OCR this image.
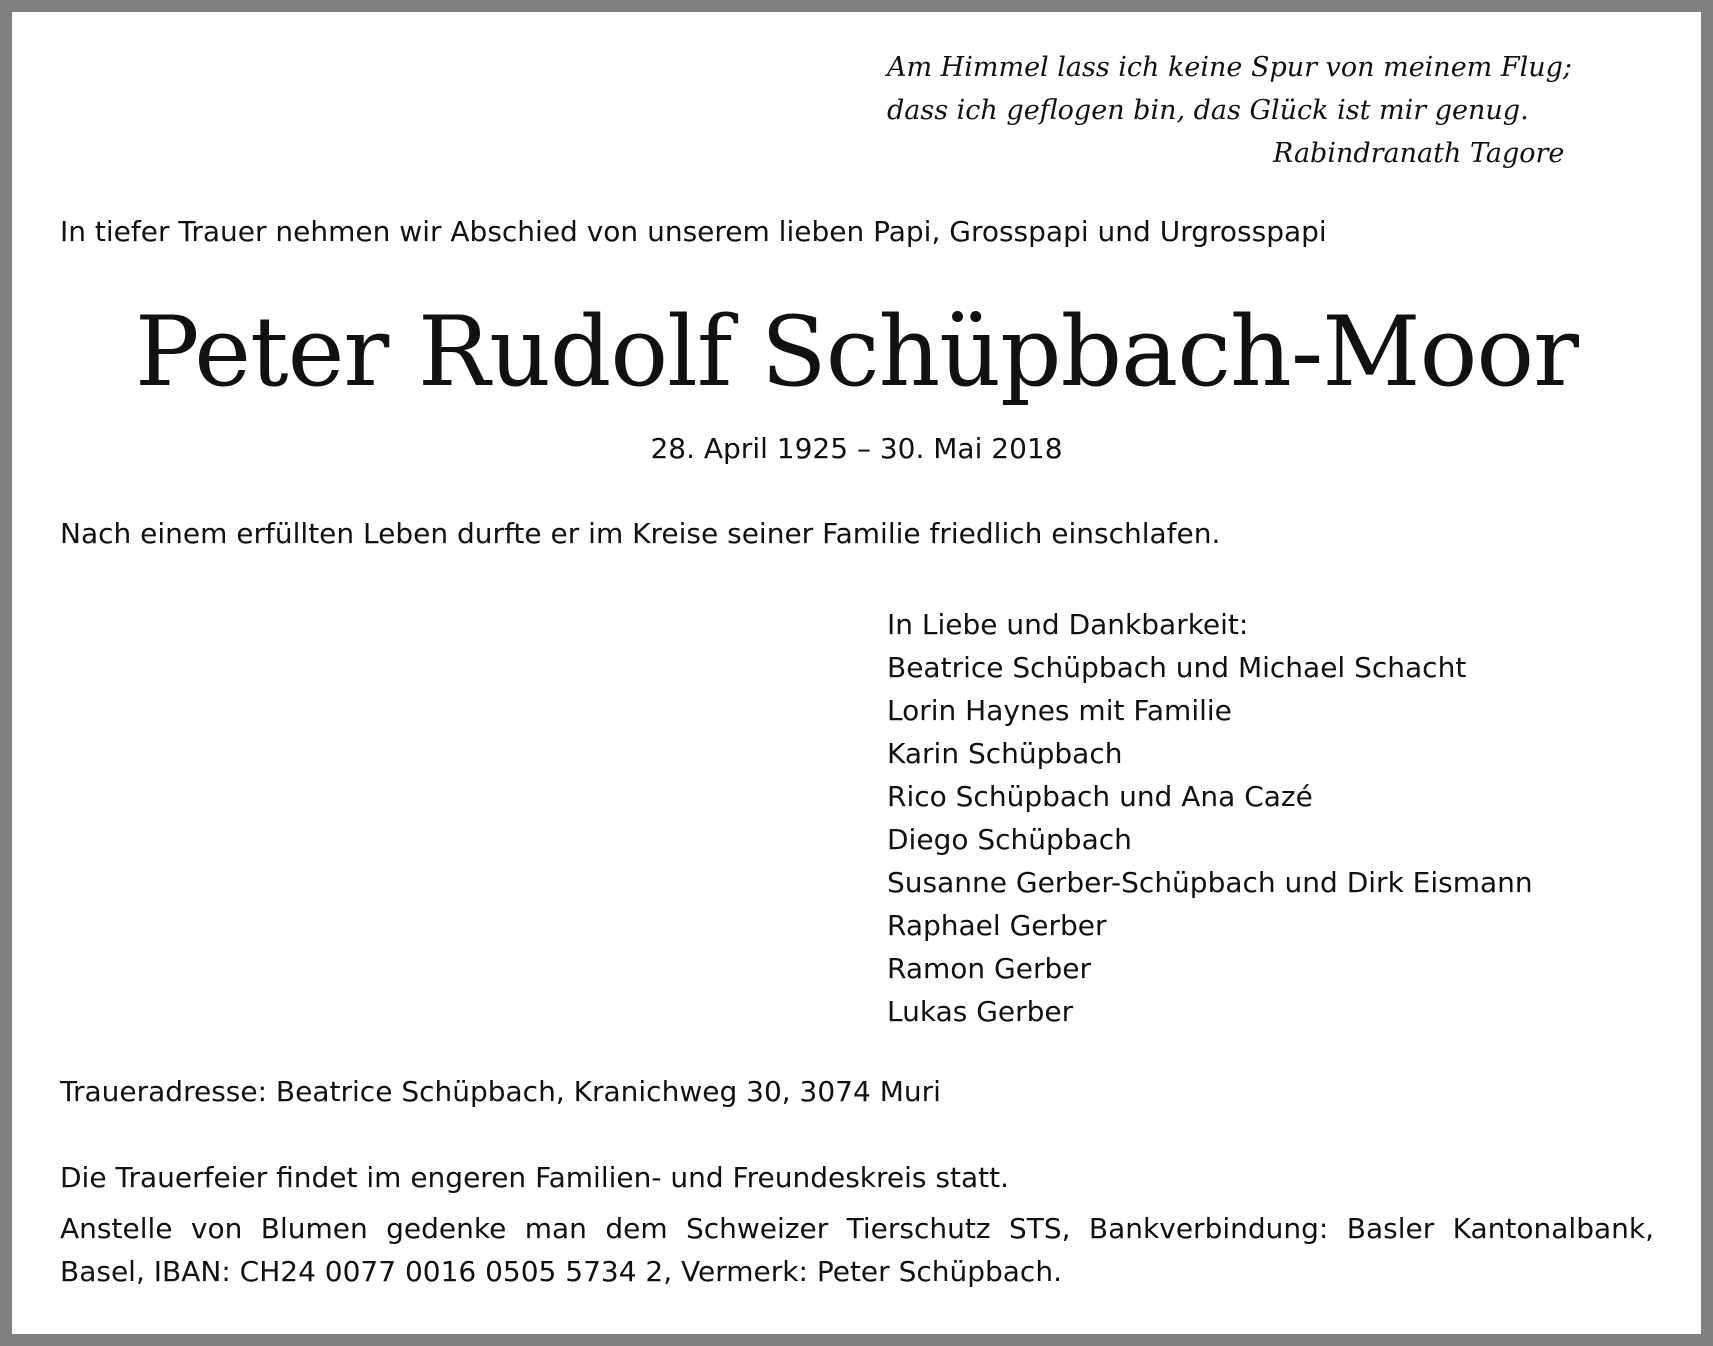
Am Himmel lass ich keine Spur von meinem Flug;
dass ich geflogen bin, das Glück ist mir genug.
Rabindranath Tagore
In tiefer Trauer nehmen wir Abschied von unserem lieben Papi, Grosspapi und Urgrosspapi
Peter Rudolf Schüpbach-Moor
28. April 1925 – 30. Mai 2018
Nach einem erfüllten Leben durfte er im Kreise seiner Familie friedlich einschlafen.
In Liebe und Dankbarkeit:
Beatrice Schüpbach und Michael Schacht
Lorin Haynes mit Familie
Karin Schüpbach
Rico Schüpbach und Ana Cazé
Diego Schüpbach
Susanne Gerber-Schüpbach und Dirk Eismann
Raphael Gerber
Ramon Gerber
Lukas Gerber
Traueradresse: Beatrice Schüpbach, Kranichweg 30, 3074 Muri
Die Trauerfeier findet im engeren Familien- und Freundeskreis statt.
Anstelle von Blumen gedenke man dem Schweizer Tierschutz STS, Bankverbindung: Basler Kantonalbank,
Basel, IBAN: CH24 0077 0016 0505 5734 2, Vermerk: Peter Schüpbach.
